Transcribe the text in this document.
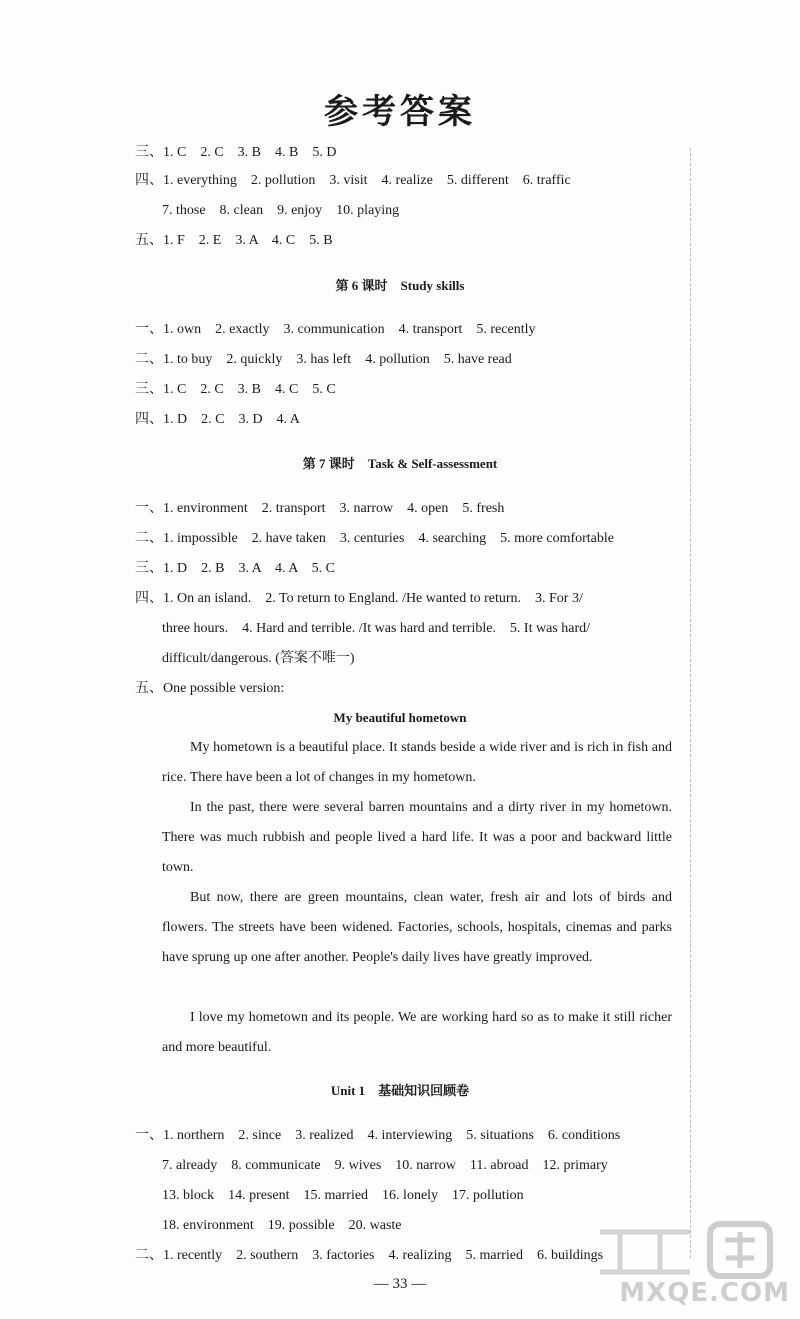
参考答案
三、1. C　2. C　3. B　4. B　5. D
四、1. everything　2. pollution　3. visit　4. realize　5. different　6. traffic
7. those　8. clean　9. enjoy　10. playing
五、1. F　2. E　3. A　4. C　5. B
第 6 课时　Study skills
一、1. own　2. exactly　3. communication　4. transport　5. recently
二、1. to buy　2. quickly　3. has left　4. pollution　5. have read
三、1. C　2. C　3. B　4. C　5. C
四、1. D　2. C　3. D　4. A
第 7 课时　Task & Self-assessment
一、1. environment　2. transport　3. narrow　4. open　5. fresh
二、1. impossible　2. have taken　3. centuries　4. searching　5. more comfortable
三、1. D　2. B　3. A　4. A　5. C
四、1. On an island.　2. To return to England. /He wanted to return.　3. For 3/
three hours.　4. Hard and terrible. /It was hard and terrible.　5. It was hard/
difficult/dangerous. (答案不唯一)
五、One possible version:
My beautiful hometown
My hometown is a beautiful place. It stands beside a wide river and is rich in fish and rice. There have been a lot of changes in my hometown.
In the past, there were several barren mountains and a dirty river in my hometown. There was much rubbish and people lived a hard life. It was a poor and backward little town.
But now, there are green mountains, clean water, fresh air and lots of birds and flowers. The streets have been widened. Factories, schools, hospitals, cinemas and parks have sprung up one after another. People's daily lives have greatly improved.
I love my hometown and its people. We are working hard so as to make it still richer and more beautiful.
Unit 1　基础知识回顾卷
一、1. northern　2. since　3. realized　4. interviewing　5. situations　6. conditions
7. already　8. communicate　9. wives　10. narrow　11. abroad　12. primary
13. block　14. present　15. married　16. lonely　17. pollution
18. environment　19. possible　20. waste
二、1. recently　2. southern　3. factories　4. realizing　5. married　6. buildings
— 33 —	MXQE.COM
